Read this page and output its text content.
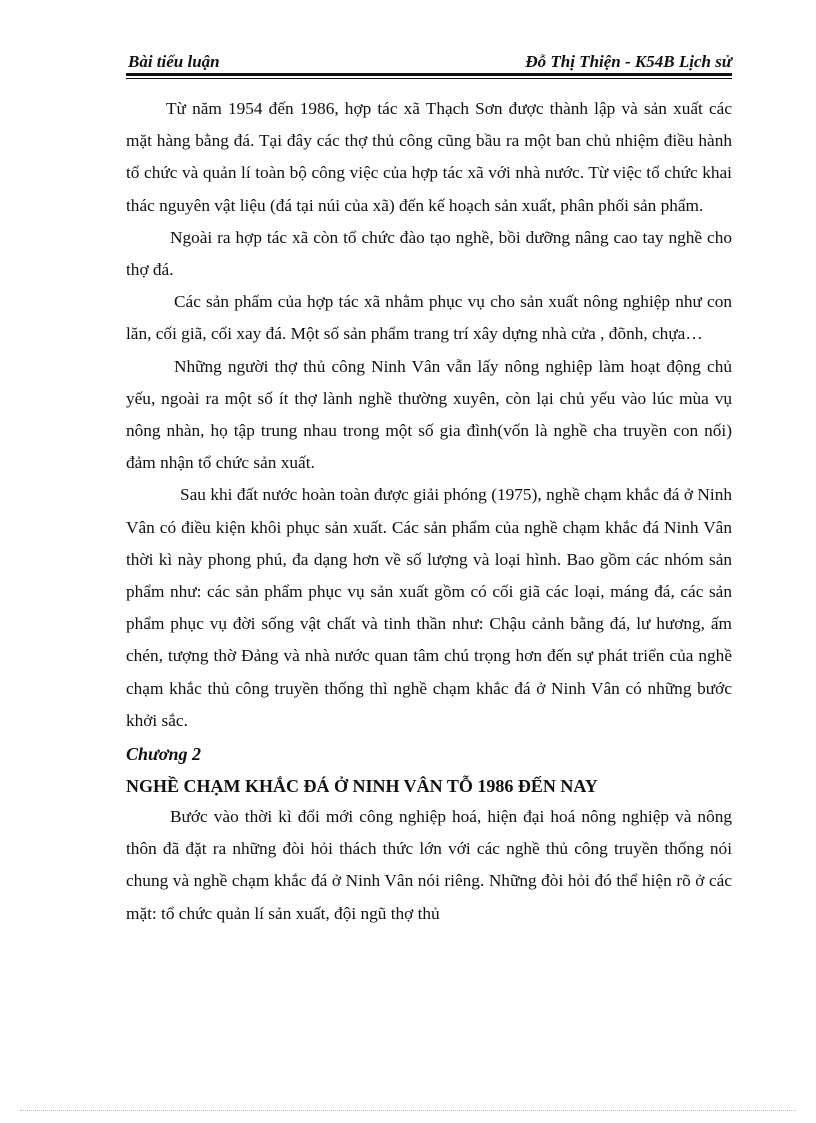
Bài tiểu luận	Đỗ Thị Thiện - K54B Lịch sử

Từ năm 1954 đến 1986, hợp tác xã Thạch Sơn được thành lập và sản xuất các mặt hàng bằng đá. Tại đây các thợ thủ công cũng bầu ra một ban chủ nhiệm điều hành tổ chức và quản lí toàn bộ công việc của hợp tác xã với nhà nước. Từ việc tổ chức khai thác nguyên vật liệu (đá tại núi của xã) đến kế hoạch sản xuất, phân phối sản phẩm.

Ngoài ra hợp tác xã còn tổ chức đào tạo nghề, bồi dưỡng nâng cao tay nghề cho thợ đá.

Các sản phẩm của hợp tác xã nhằm phục vụ cho sản xuất nông nghiệp như con lăn, cối giã, cối xay đá. Một số sản phẩm trang trí xây dựng nhà cửa , đõnh, chựa…

Những người thợ thủ công Ninh Vân vẫn lấy nông nghiệp làm hoạt động chủ yếu, ngoài ra một số ít thợ lành nghề thường xuyên, còn lại chủ yếu vào lúc mùa vụ nông nhàn, họ tập trung nhau trong một số gia đình(vốn là nghề cha truyền con nối) đảm nhận tổ chức sản xuất.

Sau khi đất nước hoàn toàn được giải phóng (1975), nghề chạm khắc đá ở Ninh Vân có điều kiện khôi phục sản xuất. Các sản phẩm của nghề chạm khắc đá Ninh Vân thời kì này phong phú, đa dạng hơn về số lượng và loại hình. Bao gồm các nhóm sản phẩm như: các sản phẩm phục vụ sản xuất gồm có cối giã các loại, máng đá, các sản phẩm phục vụ đời sống vật chất và tinh thần như: Chậu cảnh bằng đá, lư hương, ấm chén, tượng thờ Đảng và nhà nước quan tâm chú trọng hơn đến sự phát triển của nghề chạm khắc thủ công truyền thống thì nghề chạm khắc đá ở Ninh Vân có những bước khởi sắc.

Chương 2

NGHỀ CHẠM KHẮC ĐÁ Ở NINH VÂN TỖ 1986 ĐẾN NAY

Bước vào thời kì đổi mới công nghiệp hoá, hiện đại hoá nông nghiệp và nông thôn đã đặt ra những đòi hỏi thách thức lớn với các nghề thủ công truyền thống nói chung và nghề chạm khắc đá ở Ninh Vân nói riêng. Những đòi hỏi đó thể hiện rõ ở các mặt: tổ chức quản lí sản xuất, đội ngũ thợ thủ
